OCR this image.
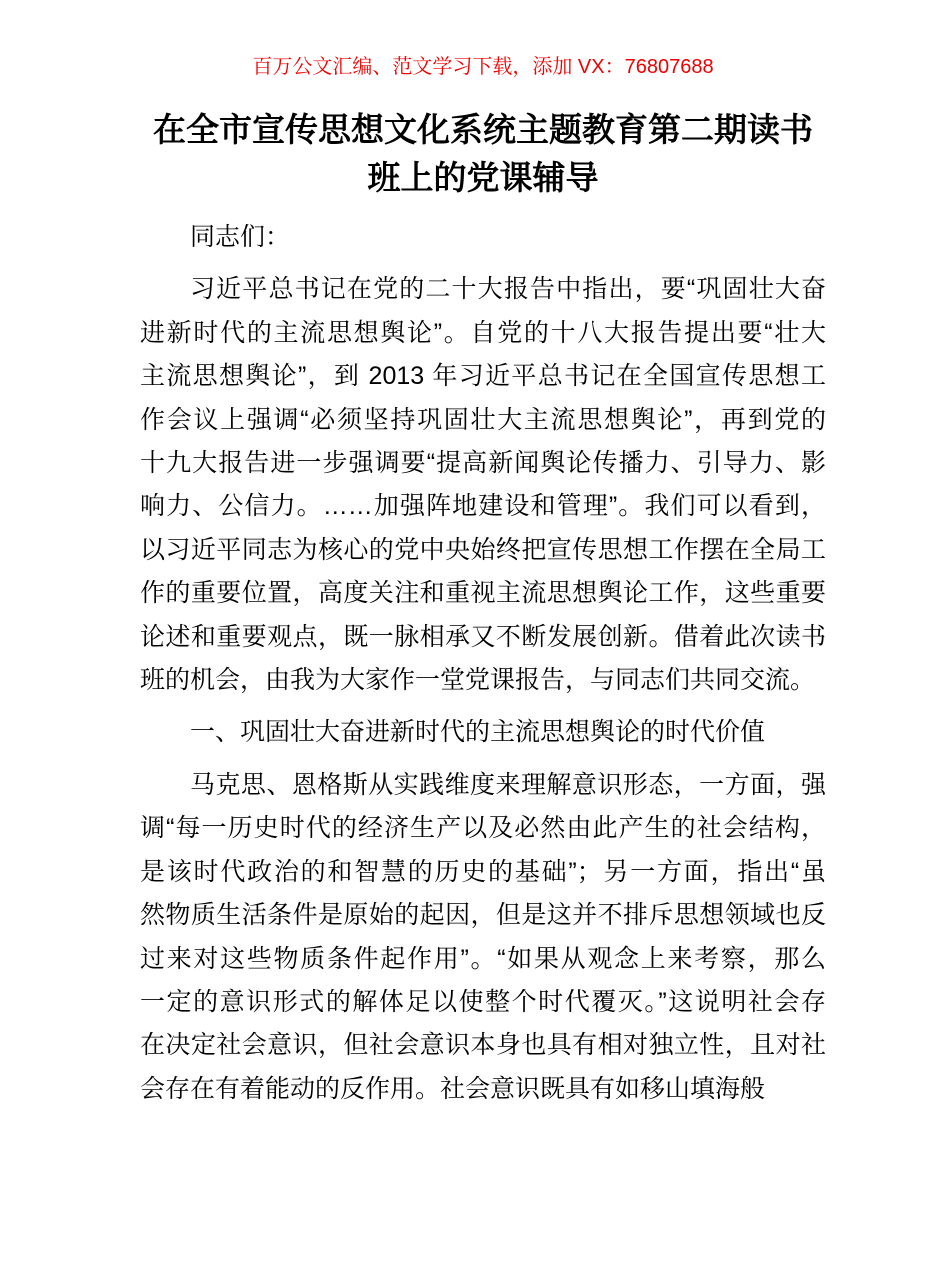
百万公文汇编、范文学习下载，添加 VX：76807688
在全市宣传思想文化系统主题教育第二期读书
班上的党课辅导
同志们：
习近平总书记在党的二十大报告中指出，要“巩固壮大奋
进新时代的主流思想舆论”。自党的十八大报告提出要“壮大
主流思想舆论”，到 2013 年习近平总书记在全国宣传思想工
作会议上强调“必须坚持巩固壮大主流思想舆论”，再到党的
十九大报告进一步强调要“提高新闻舆论传播力、引导力、影
响力、公信力。……加强阵地建设和管理”。我们可以看到，
以习近平同志为核心的党中央始终把宣传思想工作摆在全局工
作的重要位置，高度关注和重视主流思想舆论工作，这些重要
论述和重要观点，既一脉相承又不断发展创新。借着此次读书
班的机会，由我为大家作一堂党课报告，与同志们共同交流。
一、巩固壮大奋进新时代的主流思想舆论的时代价值
马克思、恩格斯从实践维度来理解意识形态，一方面，强
调“每一历史时代的经济生产以及必然由此产生的社会结构，
是该时代政治的和智慧的历史的基础”；另一方面，指出“虽
然物质生活条件是原始的起因，但是这并不排斥思想领域也反
过来对这些物质条件起作用”。“如果从观念上来考察，那么
一定的意识形式的解体足以使整个时代覆灭。”这说明社会存
在决定社会意识，但社会意识本身也具有相对独立性，且对社
会存在有着能动的反作用。社会意识既具有如移山填海般
